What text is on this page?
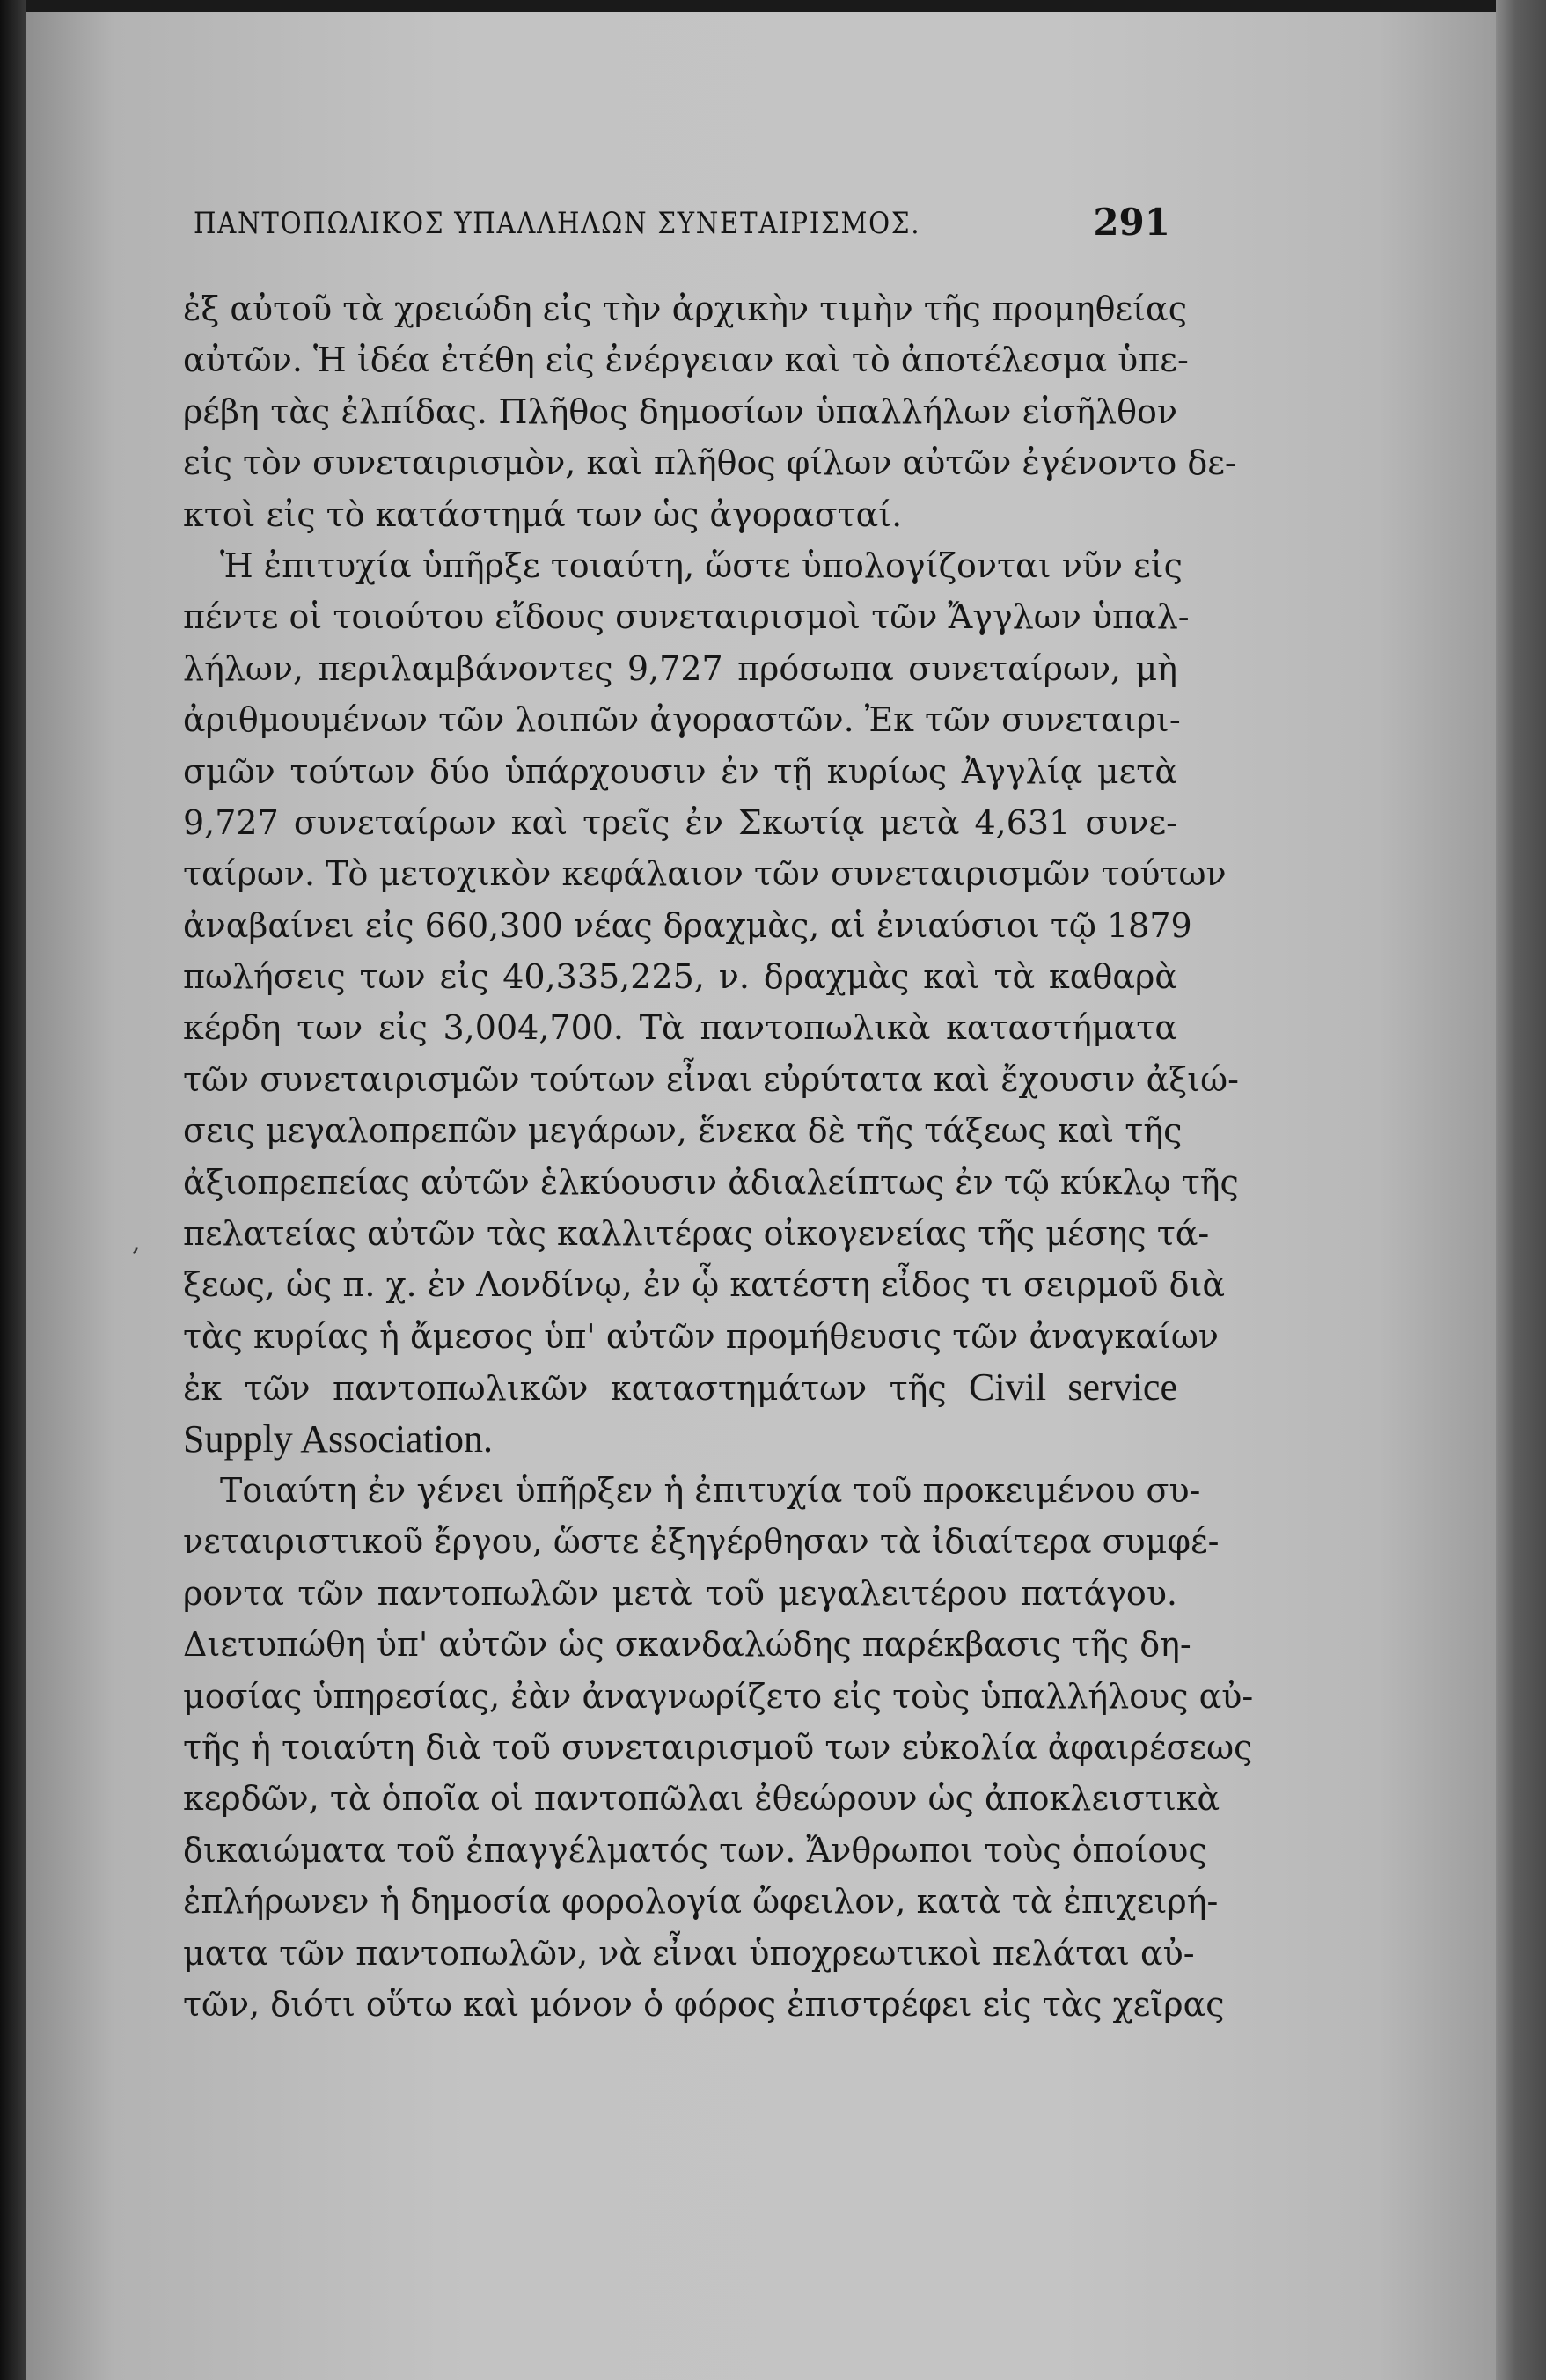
ΠΑΝΤΟΠΩΛΙΚΟΣ ΥΠΑΛΛΗΛΩΝ ΣΥΝΕΤΑΙΡΙΣΜΟΣ.	291
,
ἐξ αὐτοῦ τὰ χρειώδη εἰς τὴν ἀρχικὴν τιμὴν τῆς προμηθείας
αὐτῶν. Ἡ ἰδέα ἐτέθη εἰς ἐνέργειαν καὶ τὸ ἀποτέλεσμα ὑπε-
ρέβη τὰς ἐλπίδας. Πλῆθος δημοσίων ὑπαλλήλων εἰσῆλθον
εἰς τὸν συνεταιρισμὸν, καὶ πλῆθος φίλων αὐτῶν ἐγένοντο δε-
κτοὶ εἰς τὸ κατάστημά των ὡς ἀγορασταί.
Ἡ ἐπιτυχία ὑπῆρξε τοιαύτη, ὥστε ὑπολογίζονται νῦν εἰς
πέντε οἱ τοιούτου εἴδους συνεταιρισμοὶ τῶν Ἄγγλων ὑπαλ-
λήλων, περιλαμβάνοντες 9,727 πρόσωπα συνεταίρων, μὴ
ἀριθμουμένων τῶν λοιπῶν ἀγοραστῶν. Ἐκ τῶν συνεταιρι-
σμῶν τούτων δύο ὑπάρχουσιν ἐν τῇ κυρίως Ἀγγλίᾳ μετὰ
9,727 συνεταίρων καὶ τρεῖς ἐν Σκωτίᾳ μετὰ 4,631 συνε-
ταίρων. Τὸ μετοχικὸν κεφάλαιον τῶν συνεταιρισμῶν τούτων
ἀναβαίνει εἰς 660,300 νέας δραχμὰς, αἱ ἐνιαύσιοι τῷ 1879
πωλήσεις των εἰς 40,335,225, ν. δραχμὰς καὶ τὰ καθαρὰ
κέρδη των εἰς 3,004,700. Τὰ παντοπωλικὰ καταστήματα
τῶν συνεταιρισμῶν τούτων εἶναι εὐρύτατα καὶ ἔχουσιν ἀξιώ-
σεις μεγαλοπρεπῶν μεγάρων, ἕνεκα δὲ τῆς τάξεως καὶ τῆς
ἀξιοπρεπείας αὐτῶν ἑλκύουσιν ἀδιαλείπτως ἐν τῷ κύκλῳ τῆς
πελατείας αὐτῶν τὰς καλλιτέρας οἰκογενείας τῆς μέσης τά-
ξεως, ὡς π. χ. ἐν Λονδίνῳ, ἐν ᾧ κατέστη εἶδος τι σειρμοῦ διὰ
τὰς κυρίας ἡ ἄμεσος ὑπ' αὐτῶν προμήθευσις τῶν ἀναγκαίων
ἐκ τῶν παντοπωλικῶν καταστημάτων τῆς Civil service
Supply Association.
Τοιαύτη ἐν γένει ὑπῆρξεν ἡ ἐπιτυχία τοῦ προκειμένου συ-
νεταιριστικοῦ ἔργου, ὥστε ἐξηγέρθησαν τὰ ἰδιαίτερα συμφέ-
ροντα τῶν παντοπωλῶν μετὰ τοῦ μεγαλειτέρου πατάγου.
Διετυπώθη ὑπ' αὐτῶν ὡς σκανδαλώδης παρέκβασις τῆς δη-
μοσίας ὑπηρεσίας, ἐὰν ἀναγνωρίζετο εἰς τοὺς ὑπαλλήλους αὐ-
τῆς ἡ τοιαύτη διὰ τοῦ συνεταιρισμοῦ των εὐκολία ἀφαιρέσεως
κερδῶν, τὰ ὁποῖα οἱ παντοπῶλαι ἐθεώρουν ὡς ἀποκλειστικὰ
δικαιώματα τοῦ ἐπαγγέλματός των. Ἄνθρωποι τοὺς ὁποίους
ἐπλήρωνεν ἡ δημοσία φορολογία ὤφειλον, κατὰ τὰ ἐπιχειρή-
ματα τῶν παντοπωλῶν, νὰ εἶναι ὑποχρεωτικοὶ πελάται αὐ-
τῶν, διότι οὕτω καὶ μόνον ὁ φόρος ἐπιστρέφει εἰς τὰς χεῖρας
